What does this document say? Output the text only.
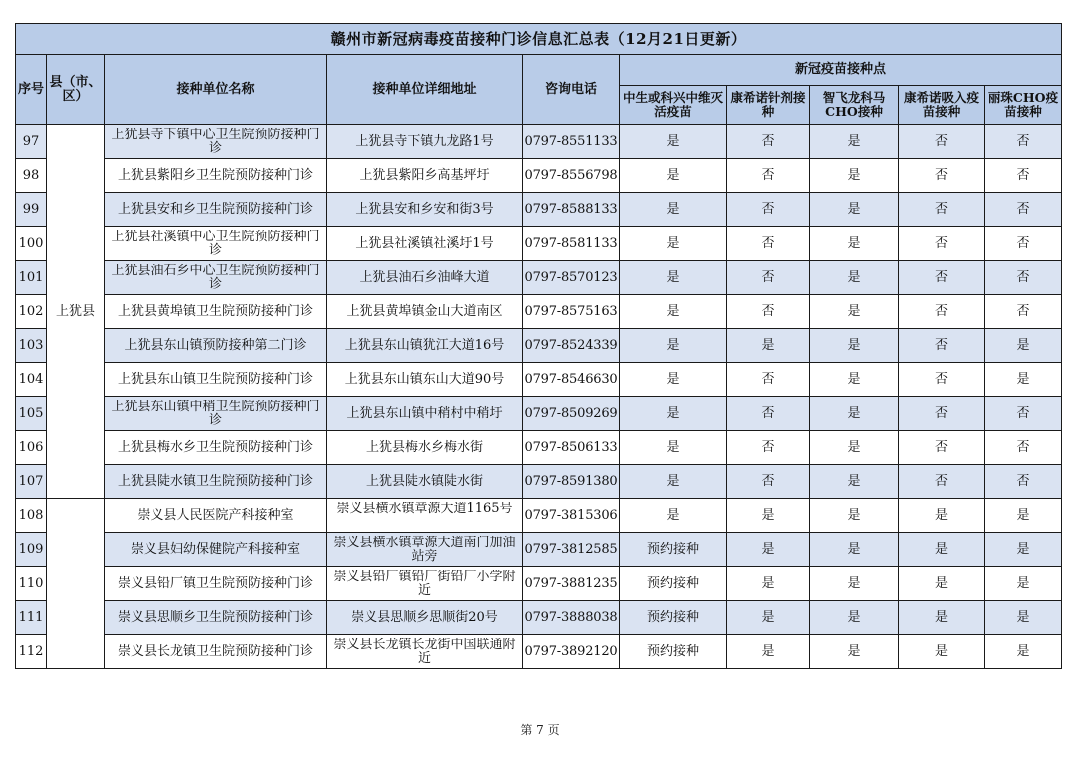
赣州市新冠病毒疫苗接种门诊信息汇总表（12月21日更新）									
序号	县（市、区）	接种单位名称	接种单位详细地址	咨询电话	新冠疫苗接种点				
					中生或科兴中维灭活疫苗	康希诺针剂接种	智飞龙科马CHO接种	康希诺吸入疫苗接种	丽珠CHO疫苗接种
97	上犹县	上犹县寺下镇中心卫生院预防接种门诊	上犹县寺下镇九龙路1号	0797-8551133	是	否	是	否	否
98		上犹县紫阳乡卫生院预防接种门诊	上犹县紫阳乡高基坪圩	0797-8556798	是	否	是	否	否
99		上犹县安和乡卫生院预防接种门诊	上犹县安和乡安和街3号	0797-8588133	是	否	是	否	否
100		上犹县社溪镇中心卫生院预防接种门诊	上犹县社溪镇社溪圩1号	0797-8581133	是	否	是	否	否
101		上犹县油石乡中心卫生院预防接种门诊	上犹县油石乡油峰大道	0797-8570123	是	否	是	否	否
102		上犹县黄埠镇卫生院预防接种门诊	上犹县黄埠镇金山大道南区	0797-8575163	是	否	是	否	否
103		上犹县东山镇预防接种第二门诊	上犹县东山镇犹江大道16号	0797-8524339	是	是	是	否	是
104		上犹县东山镇卫生院预防接种门诊	上犹县东山镇东山大道90号	0797-8546630	是	否	是	否	是
105		上犹县东山镇中稍卫生院预防接种门诊	上犹县东山镇中稍村中稍圩	0797-8509269	是	否	是	否	否
106		上犹县梅水乡卫生院预防接种门诊	上犹县梅水乡梅水街	0797-8506133	是	否	是	否	否
107		上犹县陡水镇卫生院预防接种门诊	上犹县陡水镇陡水街	0797-8591380	是	否	是	否	否
108		崇义县人民医院产科接种室	崇义县横水镇章源大道1165号	0797-3815306	是	是	是	是	是
109		崇义县妇幼保健院产科接种室	崇义县横水镇章源大道南门加油站旁	0797-3812585	预约接种	是	是	是	是
110		崇义县铅厂镇卫生院预防接种门诊	崇义县铅厂镇铅厂街铅厂小学附近	0797-3881235	预约接种	是	是	是	是
111		崇义县思顺乡卫生院预防接种门诊	崇义县思顺乡思顺街20号	0797-3888038	预约接种	是	是	是	是
112		崇义县长龙镇卫生院预防接种门诊	崇义县长龙镇长龙街中国联通附近	0797-3892120	预约接种	是	是	是	是
第 7 页
